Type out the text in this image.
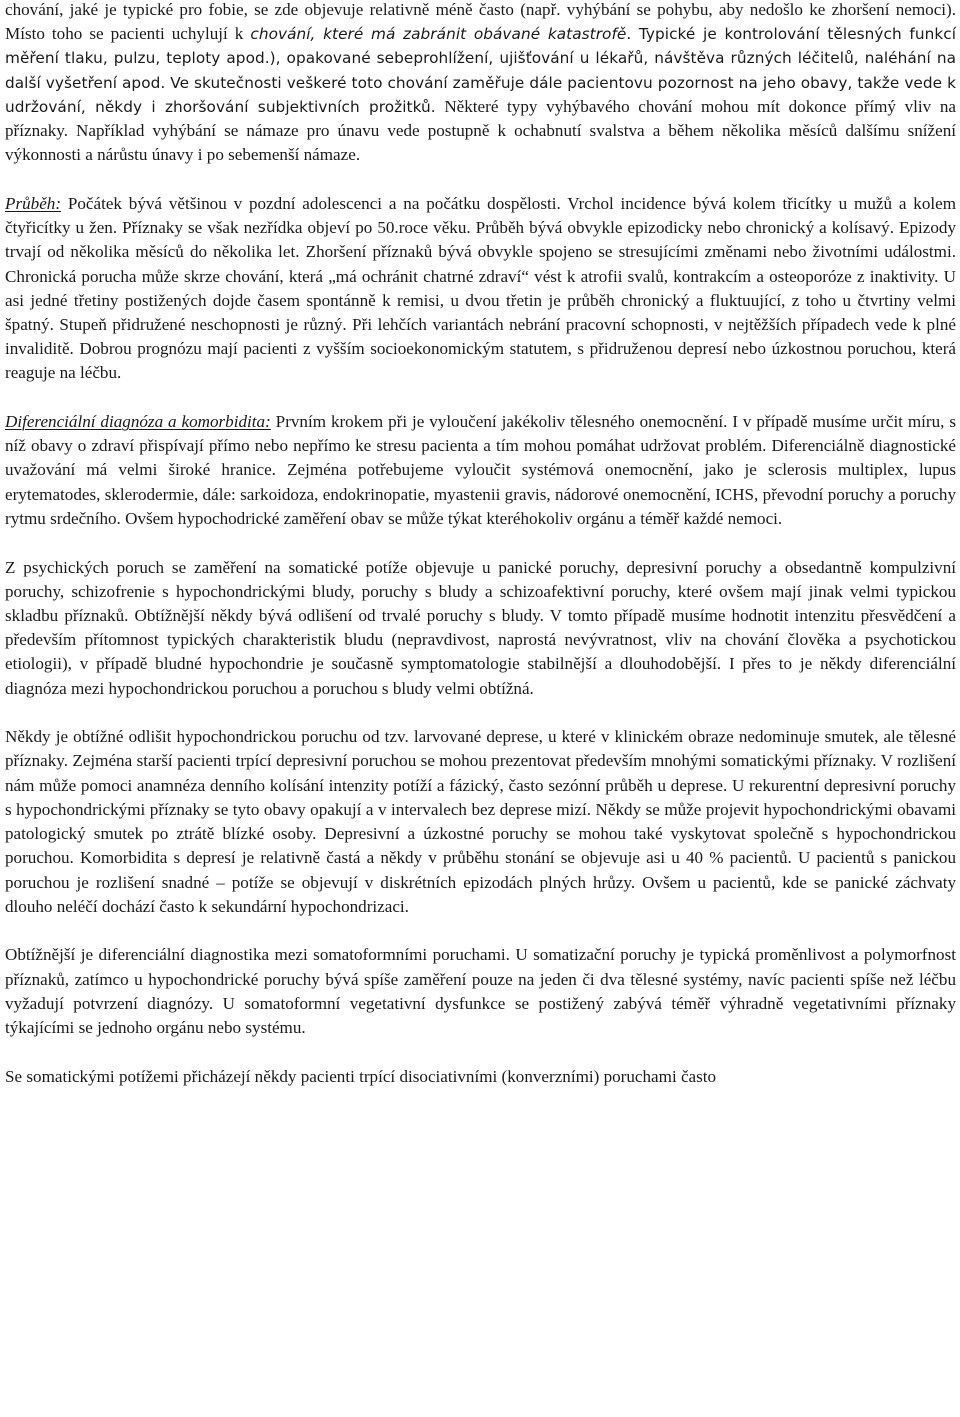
chování, jaké je typické pro fobie, se zde objevuje relativně méně často (např. vyhýbání se pohybu, aby nedošlo ke zhoršení nemoci). Místo toho se pacienti uchylují k chování, které má zabránit obávané katastrofě. Typické je kontrolování tělesných funkcí měření tlaku, pulzu, teploty apod.), opakované sebeprohlížení, ujišťování u lékařů, návštěva různých léčitelů, naléhání na další vyšetření apod. Ve skutečnosti veškeré toto chování zaměřuje dále pacientovu pozornost na jeho obavy, takže vede k udržování, někdy i zhoršování subjektivních prožitků. Některé typy vyhýbavého chování mohou mít dokonce přímý vliv na příznaky. Například vyhýbání se námaze pro únavu vede postupně k ochabnutí svalstva a během několika měsíců dalšímu snížení výkonnosti a nárůstu únavy i po sebemenší námaze.

Průběh: Počátek bývá většinou v pozdní adolescenci a na počátku dospělosti. Vrchol incidence bývá kolem třicítky u mužů a kolem čtyřicítky u žen. Příznaky se však nezřídka objeví po 50.roce věku. Průběh bývá obvykle epizodicky nebo chronický a kolísavý. Epizody trvají od několika měsíců do několika let. Zhoršení příznaků bývá obvykle spojeno se stresujícími změnami nebo životními událostmi. Chronická porucha může skrze chování, která „má ochránit chatrné zdraví“ vést k atrofii svalů, kontrakcím a osteoporóze z inaktivity. U asi jedné třetiny postižených dojde časem spontánně k remisi, u dvou třetin je průběh chronický a fluktuující, z toho u čtvrtiny velmi špatný. Stupeň přidružené neschopnosti je různý. Při lehčích variantách nebrání pracovní schopnosti, v nejtěžších případech vede k plné invaliditě. Dobrou prognózu mají pacienti z vyšším socioekonomickým statutem, s přidruženou depresí nebo úzkostnou poruchou, která reaguje na léčbu.

Diferenciální diagnóza a komorbidita: Prvním krokem při je vyloučení jakékoliv tělesného onemocnění. I v případě musíme určit míru, s níž obavy o zdraví přispívají přímo nebo nepřímo ke stresu pacienta a tím mohou pomáhat udržovat problém. Diferenciálně diagnostické uvažování má velmi široké hranice. Zejména potřebujeme vyloučit systémová onemocnění, jako je sclerosis multiplex, lupus erytematodes, sklerodermie, dále: sarkoidoza, endokrinopatie, myastenii gravis, nádorové onemocnění, ICHS, převodní poruchy a poruchy rytmu srdečního. Ovšem hypochodrické zaměření obav se může týkat kteréhokoliv orgánu a téměř každé nemoci.

Z psychických poruch se zaměření na somatické potíže objevuje u panické poruchy, depresivní poruchy a obsedantně kompulzivní poruchy, schizofrenie s hypochondrickými bludy, poruchy s bludy a schizoafektivní poruchy, které ovšem mají jinak velmi typickou skladbu příznaků. Obtížnější někdy bývá odlišení od trvalé poruchy s bludy. V tomto případě musíme hodnotit intenzitu přesvědčení a především přítomnost typických charakteristik bludu (nepravdivost, naprostá nevývratnost, vliv na chování člověka a psychotickou etiologii), v případě bludné hypochondrie je současně symptomatologie stabilnější a dlouhodobější. I přes to je někdy diferenciální diagnóza mezi hypochondrickou poruchou a poruchou s bludy velmi obtížná.

Někdy je obtížné odlišit hypochondrickou poruchu od tzv. larvované deprese, u které v klinickém obraze nedominuje smutek, ale tělesné příznaky. Zejména starší pacienti trpící depresivní poruchou se mohou prezentovat především mnohými somatickými příznaky. V rozlišení nám může pomoci anamnéza denního kolísání intenzity potíží a fázický, často sezónní průběh u deprese. U rekurentní depresivní poruchy s hypochondrickými příznaky se tyto obavy opakují a v intervalech bez deprese mizí. Někdy se může projevit hypochondrickými obavami patologický smutek po ztrátě blízké osoby. Depresivní a úzkostné poruchy se mohou také vyskytovat společně s hypochondrickou poruchou. Komorbidita s depresí je relativně častá a někdy v průběhu stonání se objevuje asi u 40 % pacientů. U pacientů s panickou poruchou je rozlišení snadné – potíže se objevují v diskrétních epizodách plných hrůzy. Ovšem u pacientů, kde se panické záchvaty dlouho neléčí dochází často k sekundární hypochondrizaci.

Obtížnější je diferenciální diagnostika mezi somatoformními poruchami. U somatizační poruchy je typická proměnlivost a polymorfnost příznaků, zatímco u hypochondrické poruchy bývá spíše zaměření pouze na jeden či dva tělesné systémy, navíc pacienti spíše než léčbu vyžadují potvrzení diagnózy. U somatoformní vegetativní dysfunkce se postižený zabývá téměř výhradně vegetativními příznaky týkajícími se jednoho orgánu nebo systému.

Se somatickými potížemi přicházejí někdy pacienti trpící disociativními (konverzními) poruchami často
